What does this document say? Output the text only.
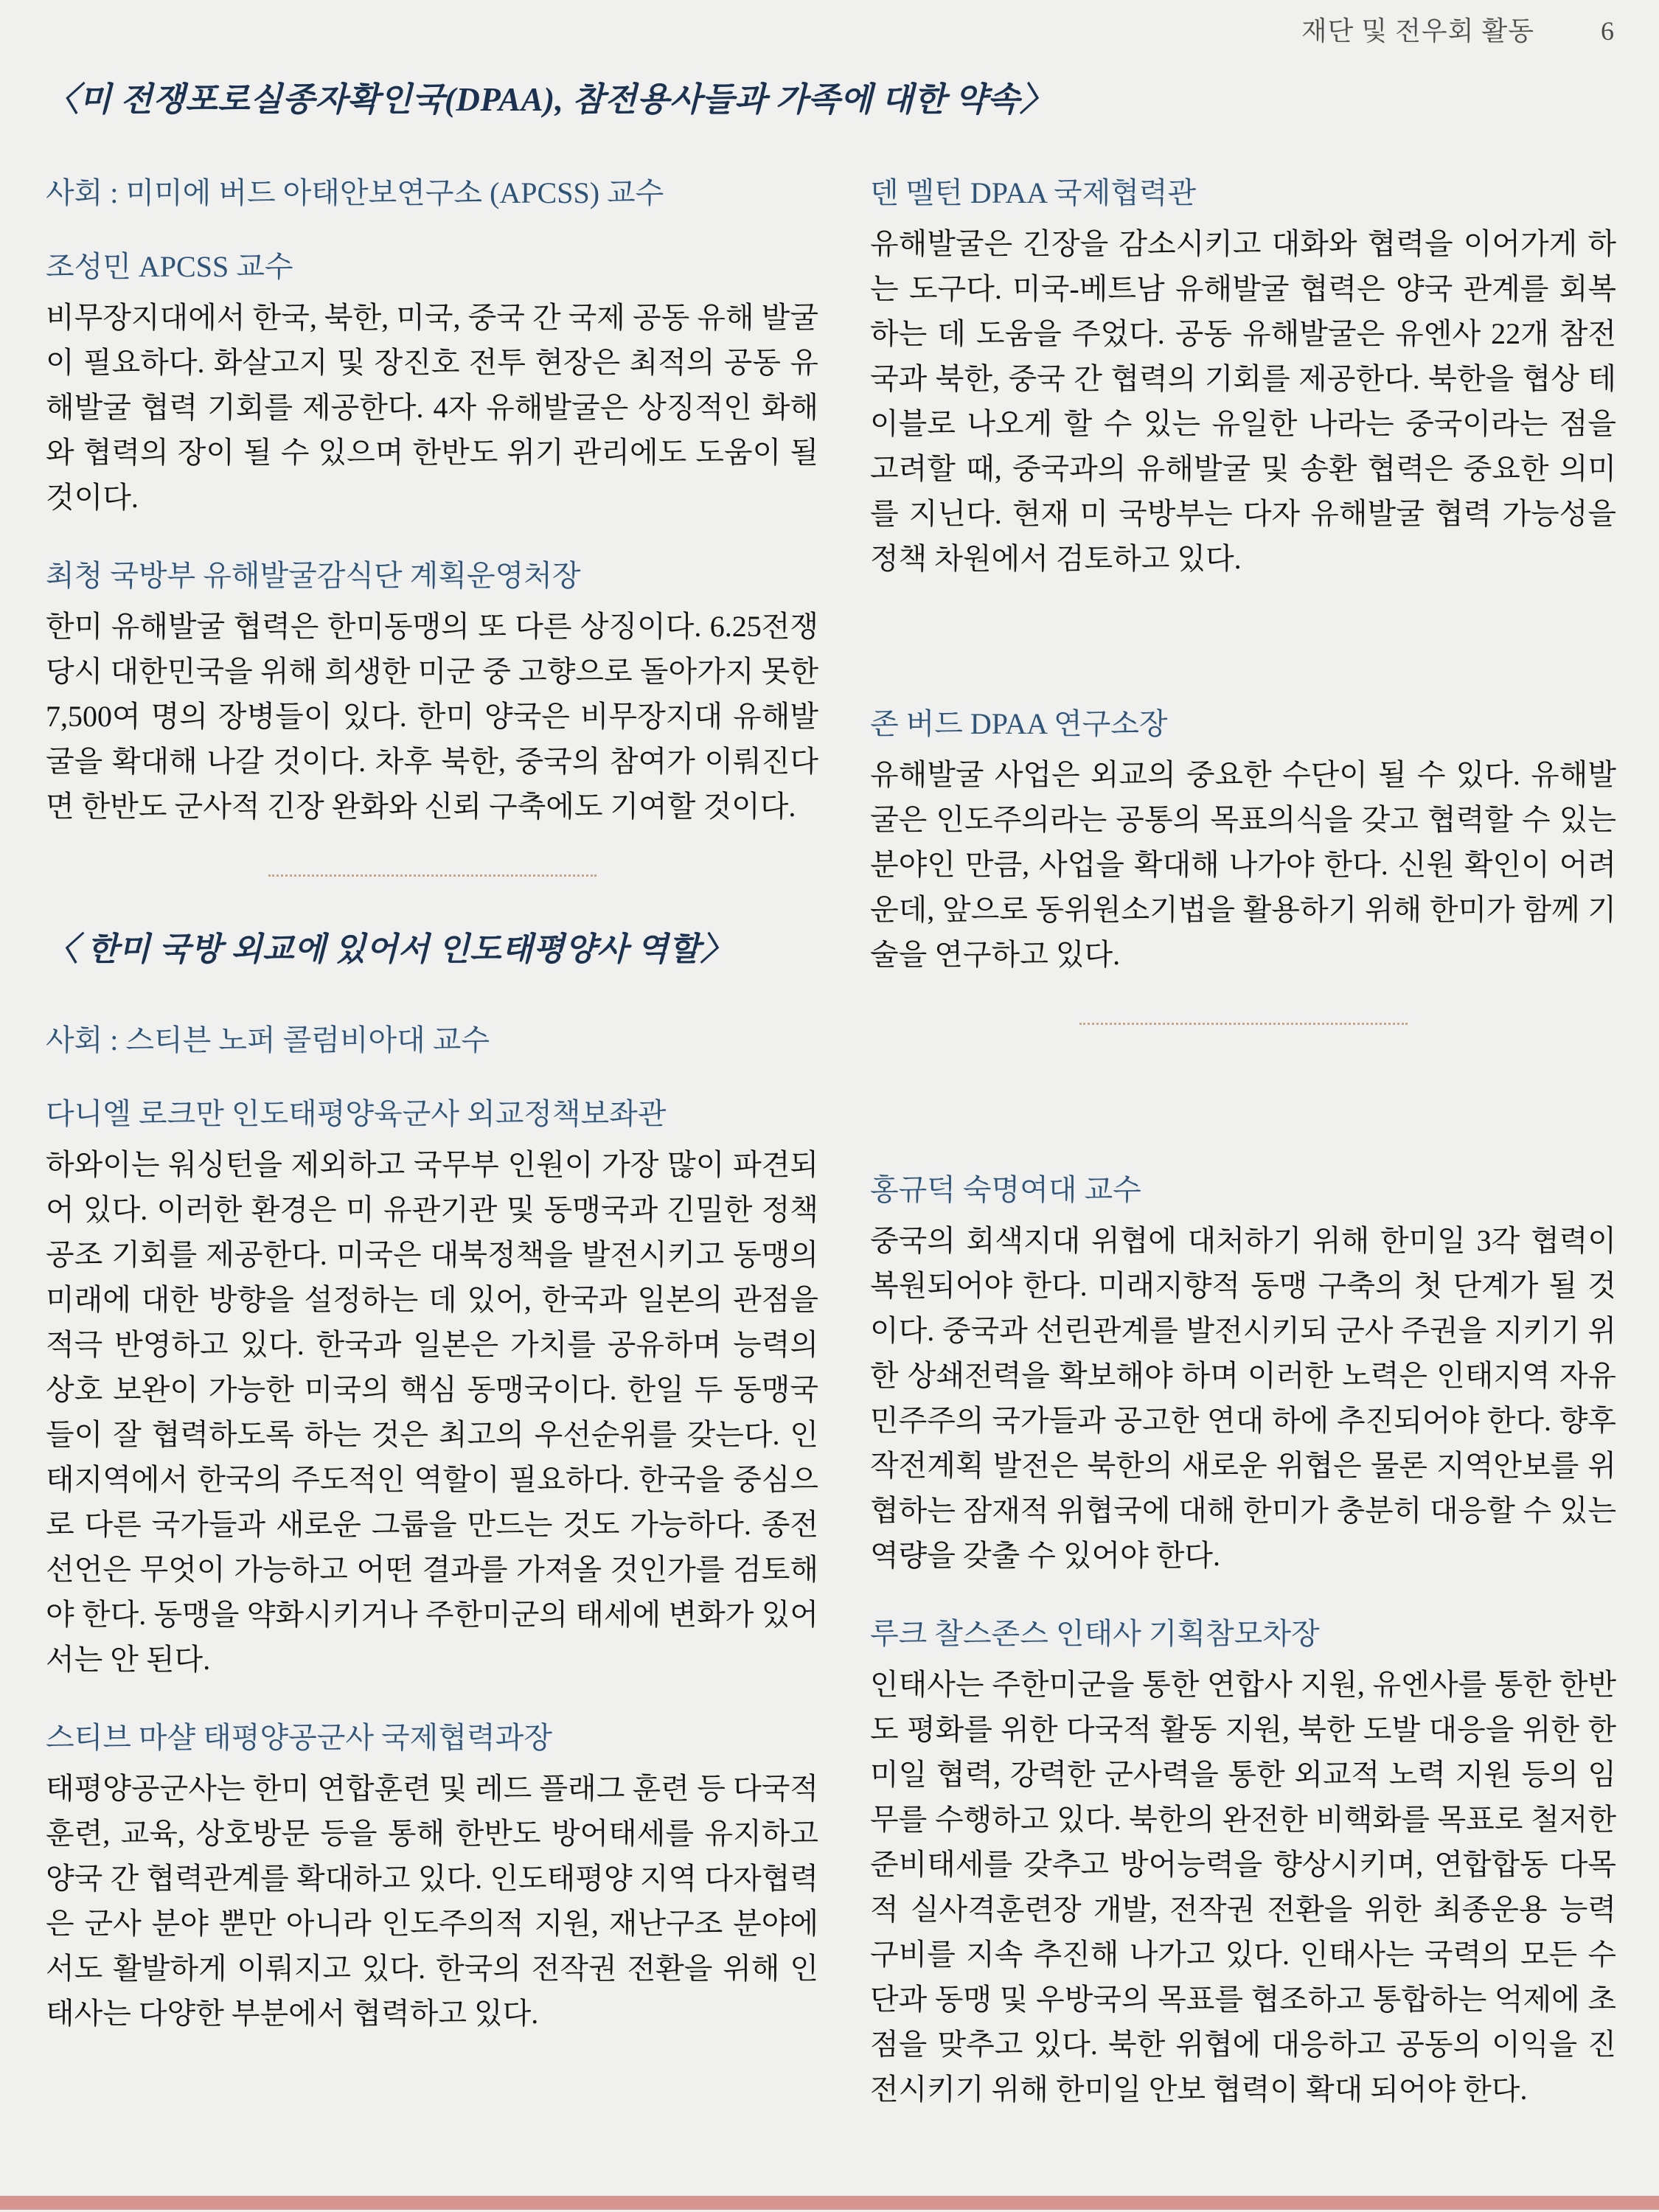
재단 및 전우회 활동	6
〈미 전쟁포로실종자확인국(DPAA), 참전용사들과 가족에 대한 약속〉

사회 : 미미에 버드 아태안보연구소 (APCSS) 교수

조성민 APCSS 교수

비무장지대에서 한국, 북한, 미국, 중국 간 국제 공동 유해 발굴이 필요하다. 화살고지 및 장진호 전투 현장은 최적의 공동 유해발굴 협력 기회를 제공한다. 4자 유해발굴은 상징적인 화해와 협력의 장이 될 수 있으며 한반도 위기 관리에도 도움이 될 것이다.

최청 국방부 유해발굴감식단 계획운영처장

한미 유해발굴 협력은 한미동맹의 또 다른 상징이다. 6.25전쟁 당시 대한민국을 위해 희생한 미군 중 고향으로 돌아가지 못한 7,500여 명의 장병들이 있다. 한미 양국은 비무장지대 유해발굴을 확대해 나갈 것이다. 차후 북한, 중국의 참여가 이뤄진다면 한반도 군사적 긴장 완화와 신뢰 구축에도 기여할 것이다.

〈 한미 국방 외교에 있어서 인도태평양사 역할〉

사회 : 스티븐 노퍼 콜럼비아대 교수

다니엘 로크만 인도태평양육군사 외교정책보좌관

하와이는 워싱턴을 제외하고 국무부 인원이 가장 많이 파견되어 있다. 이러한 환경은 미 유관기관 및 동맹국과 긴밀한 정책공조 기회를 제공한다. 미국은 대북정책을 발전시키고 동맹의 미래에 대한 방향을 설정하는 데 있어, 한국과 일본의 관점을 적극 반영하고 있다. 한국과 일본은 가치를 공유하며 능력의 상호 보완이 가능한 미국의 핵심 동맹국이다. 한일 두 동맹국들이 잘 협력하도록 하는 것은 최고의 우선순위를 갖는다. 인태지역에서 한국의 주도적인 역할이 필요하다. 한국을 중심으로 다른 국가들과 새로운 그룹을 만드는 것도 가능하다. 종전선언은 무엇이 가능하고 어떤 결과를 가져올 것인가를 검토해야 한다. 동맹을 약화시키거나 주한미군의 태세에 변화가 있어서는 안 된다.

스티브 마샬 태평양공군사 국제협력과장

태평양공군사는 한미 연합훈련 및 레드 플래그 훈련 등 다국적 훈련, 교육, 상호방문 등을 통해 한반도 방어태세를 유지하고 양국 간 협력관계를 확대하고 있다. 인도태평양 지역 다자협력은 군사 분야 뿐만 아니라 인도주의적 지원, 재난구조 분야에서도 활발하게 이뤄지고 있다. 한국의 전작권 전환을 위해 인태사는 다양한 부분에서 협력하고 있다.

덴 멜턴 DPAA 국제협력관

유해발굴은 긴장을 감소시키고 대화와 협력을 이어가게 하는 도구다. 미국-베트남 유해발굴 협력은 양국 관계를 회복하는 데 도움을 주었다. 공동 유해발굴은 유엔사 22개 참전국과 북한, 중국 간 협력의 기회를 제공한다. 북한을 협상 테이블로 나오게 할 수 있는 유일한 나라는 중국이라는 점을 고려할 때, 중국과의 유해발굴 및 송환 협력은 중요한 의미를 지닌다. 현재 미 국방부는 다자 유해발굴 협력 가능성을 정책 차원에서 검토하고 있다.

존 버드 DPAA 연구소장

유해발굴 사업은 외교의 중요한 수단이 될 수 있다. 유해발굴은 인도주의라는 공통의 목표의식을 갖고 협력할 수 있는 분야인 만큼, 사업을 확대해 나가야 한다. 신원 확인이 어려운데, 앞으로 동위원소기법을 활용하기 위해 한미가 함께 기술을 연구하고 있다.

홍규덕 숙명여대 교수

중국의 회색지대 위협에 대처하기 위해 한미일 3각 협력이 복원되어야 한다. 미래지향적 동맹 구축의 첫 단계가 될 것이다. 중국과 선린관계를 발전시키되 군사 주권을 지키기 위한 상쇄전력을 확보해야 하며 이러한 노력은 인태지역 자유민주주의 국가들과 공고한 연대 하에 추진되어야 한다. 향후 작전계획 발전은 북한의 새로운 위협은 물론 지역안보를 위협하는 잠재적 위협국에 대해 한미가 충분히 대응할 수 있는 역량을 갖출 수 있어야 한다.

루크 찰스존스 인태사 기획참모차장

인태사는 주한미군을 통한 연합사 지원, 유엔사를 통한 한반도 평화를 위한 다국적 활동 지원, 북한 도발 대응을 위한 한미일 협력, 강력한 군사력을 통한 외교적 노력 지원 등의 임무를 수행하고 있다. 북한의 완전한 비핵화를 목표로 철저한 준비태세를 갖추고 방어능력을 향상시키며, 연합합동 다목적 실사격훈련장 개발, 전작권 전환을 위한 최종운용 능력 구비를 지속 추진해 나가고 있다. 인태사는 국력의 모든 수단과 동맹 및 우방국의 목표를 협조하고 통합하는 억제에 초점을 맞추고 있다. 북한 위협에 대응하고 공동의 이익을 진전시키기 위해 한미일 안보 협력이 확대 되어야 한다.
